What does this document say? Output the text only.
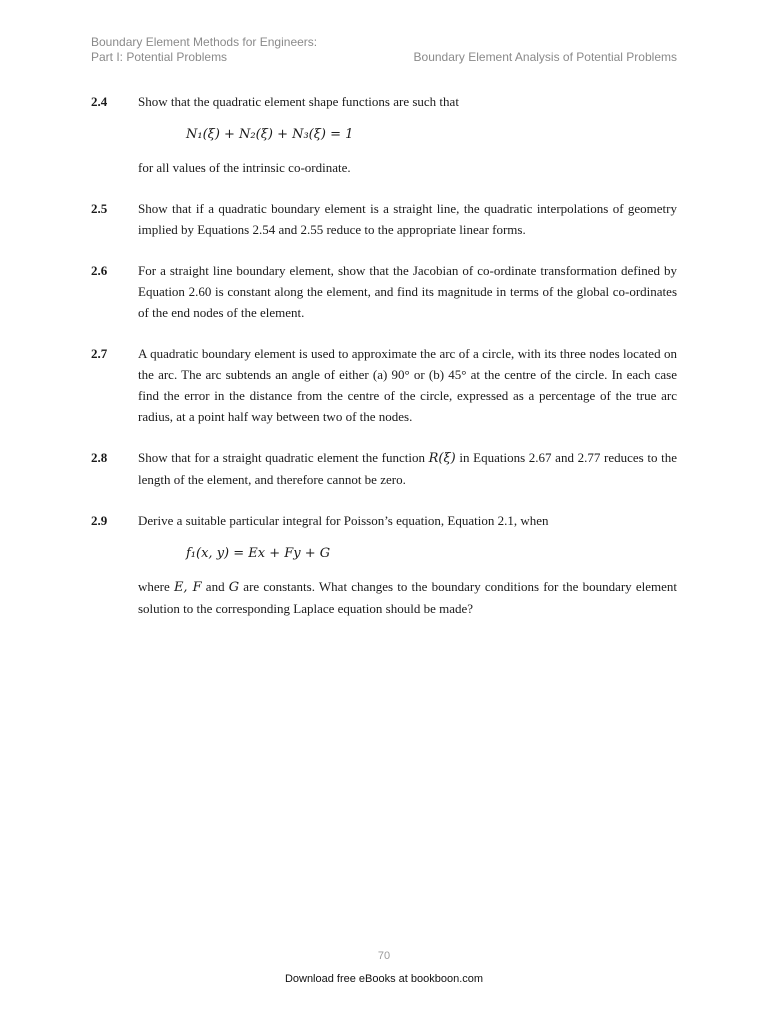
Boundary Element Methods for Engineers:
Part I: Potential Problems	Boundary Element Analysis of Potential Problems
2.4 Show that the quadratic element shape functions are such that

N₁(ξ) + N₂(ξ) + N₃(ξ) = 1

for all values of the intrinsic co-ordinate.

2.5 Show that if a quadratic boundary element is a straight line, the quadratic interpolations of geometry implied by Equations 2.54 and 2.55 reduce to the appropriate linear forms.

2.6 For a straight line boundary element, show that the Jacobian of co-ordinate transformation defined by Equation 2.60 is constant along the element, and find its magnitude in terms of the global co-ordinates of the end nodes of the element.

2.7 A quadratic boundary element is used to approximate the arc of a circle, with its three nodes located on the arc. The arc subtends an angle of either (a) 90° or (b) 45° at the centre of the circle. In each case find the error in the distance from the centre of the circle, expressed as a percentage of the true arc radius, at a point half way between two of the nodes.

2.8 Show that for a straight quadratic element the function R(ξ) in Equations 2.67 and 2.77 reduces to the length of the element, and therefore cannot be zero.

2.9 Derive a suitable particular integral for Poisson’s equation, Equation 2.1, when

f₁(x, y) = Ex + Fy + G

where E, F and G are constants. What changes to the boundary conditions for the boundary element solution to the corresponding Laplace equation should be made?

70
Download free eBooks at bookboon.com
